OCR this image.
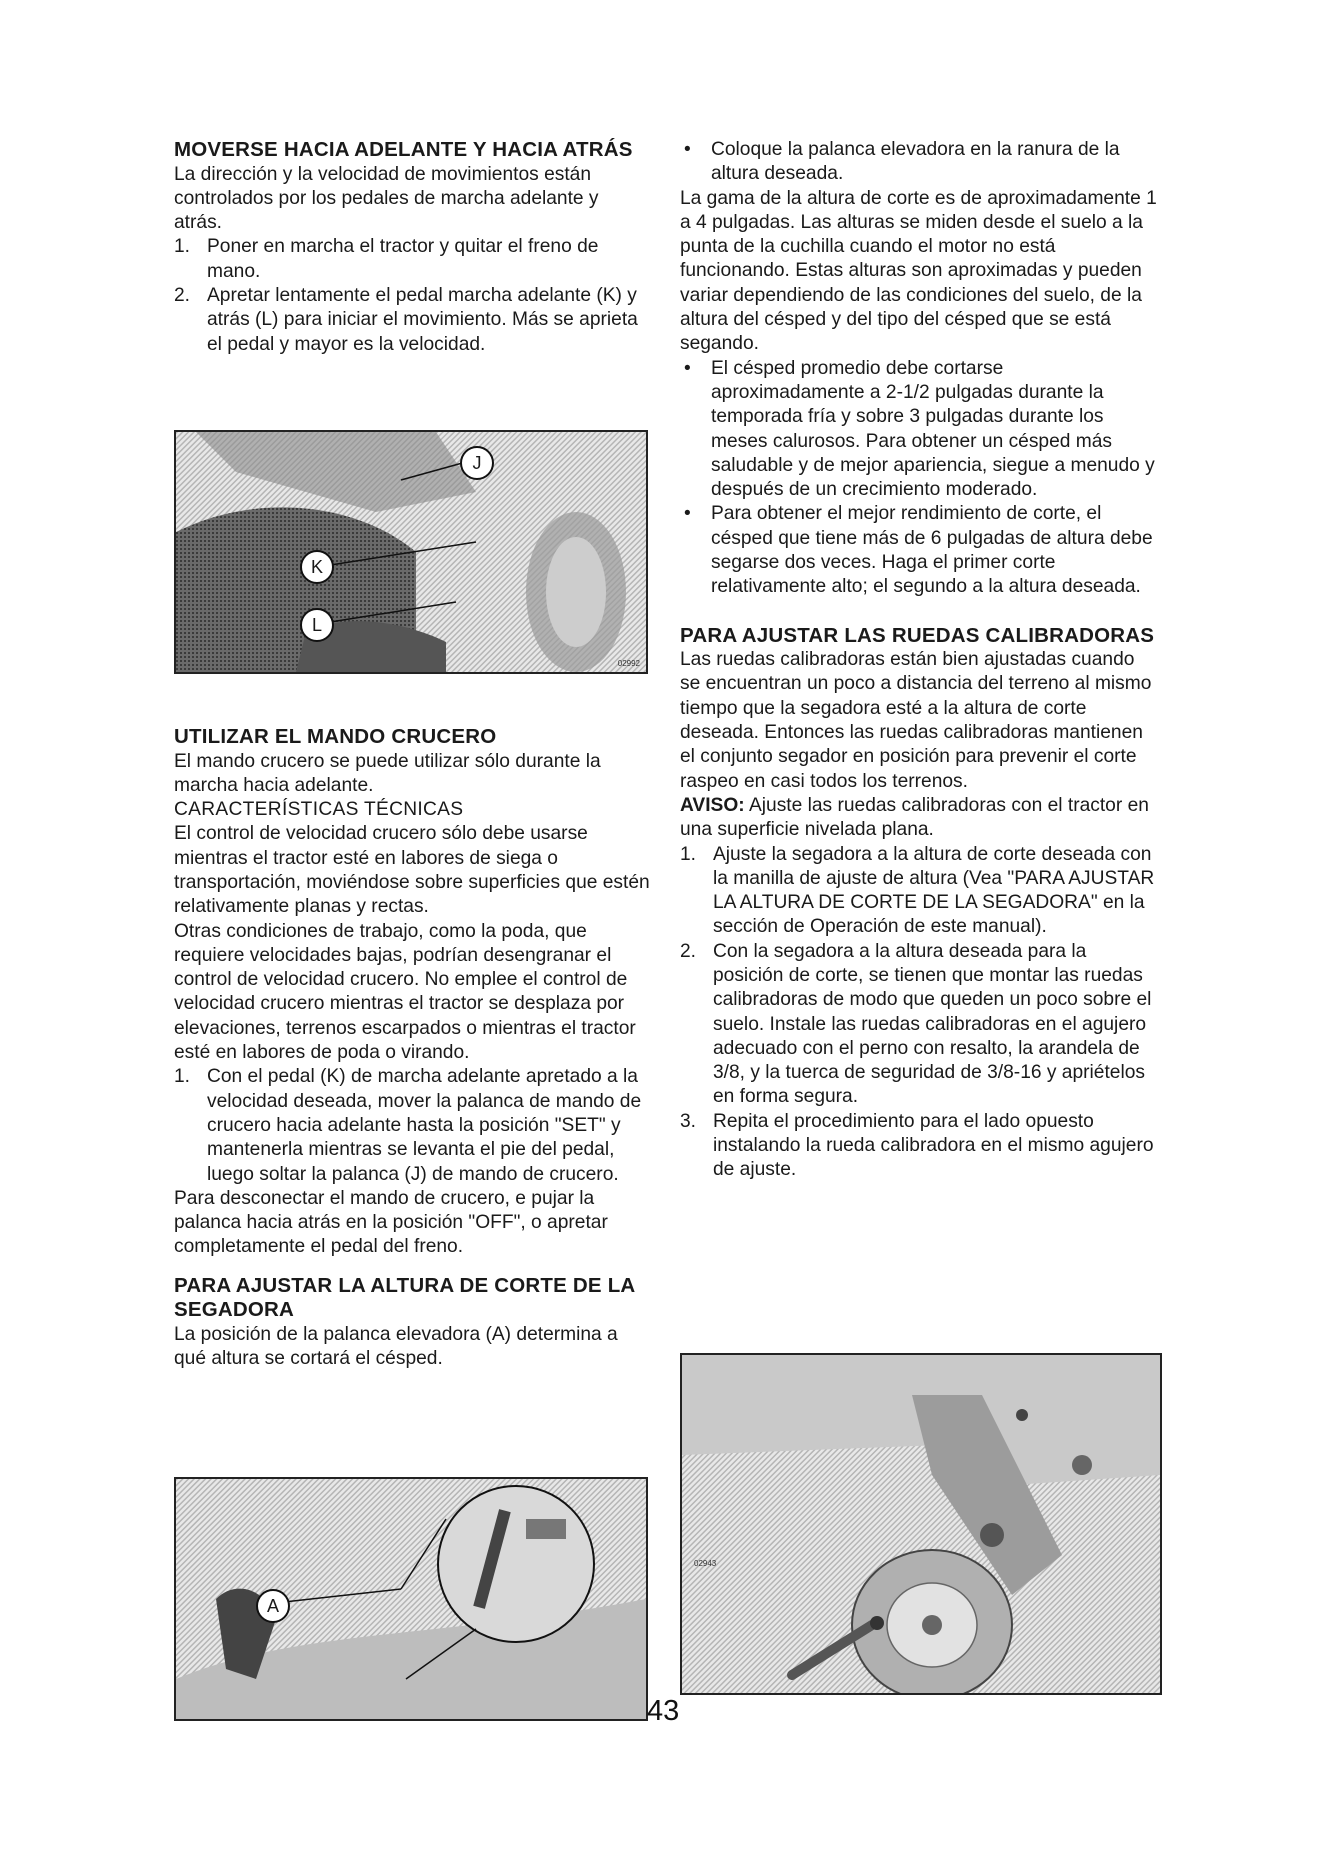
MOVERSE HACIA ADELANTE Y HACIA ATRÁS

La dirección y la velocidad de movimientos están controlados por los pedales de marcha adelante y atrás.

1. Poner en marcha el tractor y quitar el freno de mano.
2. Apretar lentamente el pedal marcha adelante (K) y atrás (L) para iniciar el movimiento. Más se aprieta el pedal y mayor es la velocidad.
J
K
L
02992
UTILIZAR EL MANDO CRUCERO

El mando crucero se puede utilizar sólo durante la marcha hacia adelante.

CARACTERÍSTICAS TÉCNICAS

El control de velocidad crucero sólo debe usarse mientras el tractor esté en labores de siega o transportación, moviéndose sobre superficies que estén relativamente planas y rectas.

Otras condiciones de trabajo, como la poda, que requiere velocidades bajas, podrían desengranar el control de velocidad crucero. No emplee el control de velocidad crucero mientras el tractor se desplaza por elevaciones, terrenos escarpados o mientras el tractor esté en labores de poda o virando.

1. Con el pedal (K) de marcha adelante apretado a la velocidad deseada, mover la palanca de mando de crucero hacia adelante hasta la posición "SET" y mantenerla mientras se levanta el pie del pedal, luego soltar la palanca (J) de mando de crucero.

Para desconectar el mando de crucero, e pujar la palanca hacia atrás en la posición "OFF", o apretar completamente el pedal del freno.

PARA AJUSTAR LA ALTURA DE CORTE DE LA SEGADORA

La posición de la palanca elevadora (A) determina a qué altura se cortará el césped.

A
• Coloque la palanca elevadora en la ranura de la altura deseada.

La gama de la altura de corte es de aproximadamente 1 a 4 pulgadas. Las alturas se miden desde el suelo a la punta de la cuchilla cuando el motor no está funcionando. Estas alturas son aproximadas y pueden variar dependiendo de las condiciones del suelo, de la altura del césped y del tipo del césped que se está segando.

• El césped promedio debe cortarse aproximadamente a 2-1/2 pulgadas durante la temporada fría y sobre 3 pulgadas durante los meses calurosos. Para obtener un césped más saludable y de mejor apariencia, siegue a menudo y después de un crecimiento moderado.
• Para obtener el mejor rendimiento de corte, el césped que tiene más de 6 pulgadas de altura debe segarse dos veces. Haga el primer corte relativamente alto; el segundo a la altura deseada.
PARA AJUSTAR LAS RUEDAS CALIBRADORAS

Las ruedas calibradoras están bien ajustadas cuando se encuentran un poco a distancia del terreno al mismo tiempo que la segadora esté a la altura de corte deseada. Entonces las ruedas calibradoras mantienen el conjunto segador en posición para prevenir el corte raspeo en casi todos los terrenos.

AVISO: Ajuste las ruedas calibradoras con el tractor en una superficie nivelada plana.

1. Ajuste la segadora a la altura de corte deseada con la manilla de ajuste de altura (Vea "PARA AJUSTAR LA ALTURA DE CORTE DE LA SEGADORA" en la sección de Operación de este manual).
2. Con la segadora a la altura deseada para la posición de corte, se tienen que montar las ruedas calibradoras de modo que queden un poco sobre el suelo. Instale las ruedas calibradoras en el agujero adecuado con el perno con resalto, la arandela de 3/8, y la tuerca de seguridad de 3/8-16 y apriételos en forma segura.
3. Repita el procedimiento para el lado opuesto instalando la rueda calibradora en el mismo agujero de ajuste.
02943
43
